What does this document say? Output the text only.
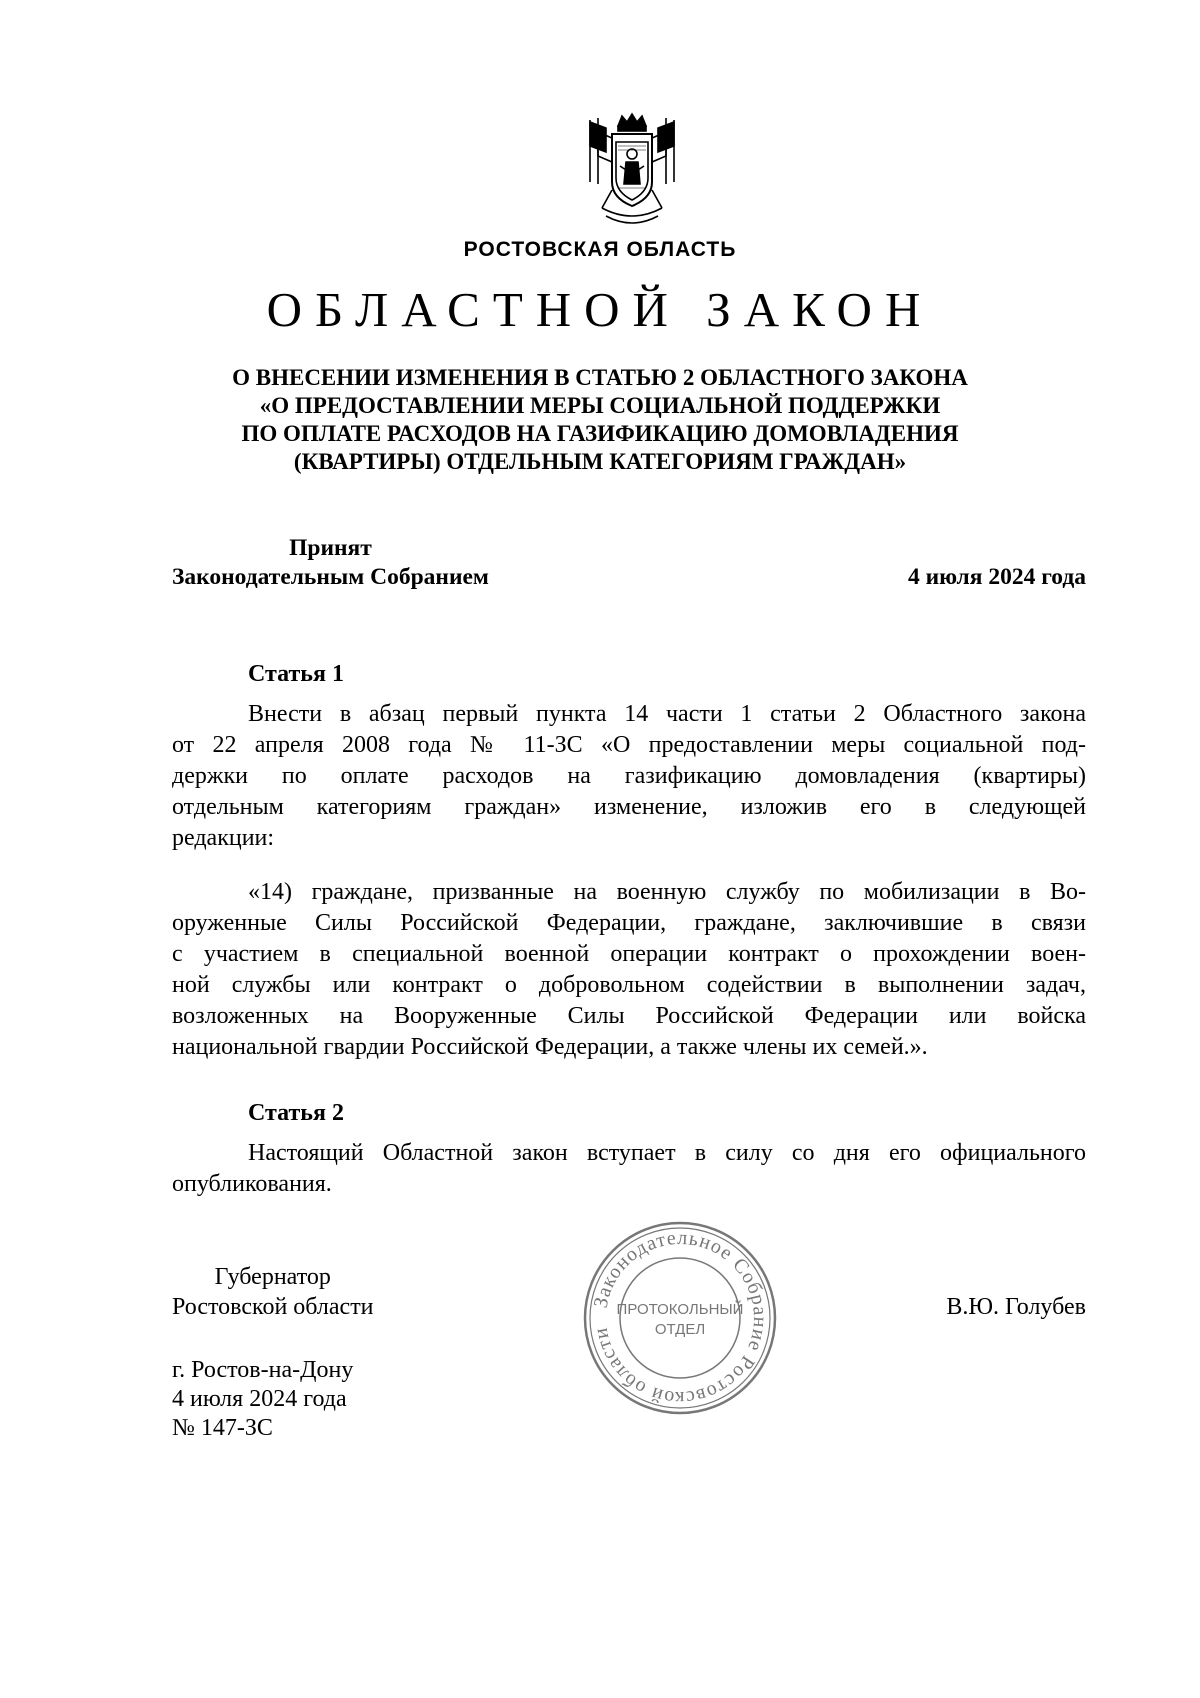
РОСТОВСКАЯ ОБЛАСТЬ
ОБЛАСТНОЙ ЗАКОН
О ВНЕСЕНИИ ИЗМЕНЕНИЯ В СТАТЬЮ 2 ОБЛАСТНОГО ЗАКОНА
«О ПРЕДОСТАВЛЕНИИ МЕРЫ СОЦИАЛЬНОЙ ПОДДЕРЖКИ
ПО ОПЛАТЕ РАСХОДОВ НА ГАЗИФИКАЦИЮ ДОМОВЛАДЕНИЯ
(КВАРТИРЫ) ОТДЕЛЬНЫМ КАТЕГОРИЯМ ГРАЖДАН»
Принят
Законодательным Собранием	4 июля 2024 года
Статья 1
Внести в абзац первый пункта 14 части 1 статьи 2 Областного закона
от 22 апреля 2008 года № 11-ЗС «О предоставлении меры социальной под-
держки по оплате расходов на газификацию домовладения (квартиры)
отдельным категориям граждан» изменение, изложив его в следующей
редакции:
«14) граждане, призванные на военную службу по мобилизации в Во-
оруженные Силы Российской Федерации, граждане, заключившие в связи
с участием в специальной военной операции контракт о прохождении воен-
ной службы или контракт о добровольном содействии в выполнении задач,
возложенных на Вооруженные Силы Российской Федерации или войска
национальной гвардии Российской Федерации, а также члены их семей.».
Статья 2
Настоящий Областной закон вступает в силу со дня его официального
опубликования.
Губернатор
Ростовской области	Законодательное Собрание Ростовской области
ПРОТОКОЛЬНЫЙ
ОТДЕЛ
В.Ю. Голубев
г. Ростов-на-Дону
4 июля 2024 года
№ 147-ЗС
